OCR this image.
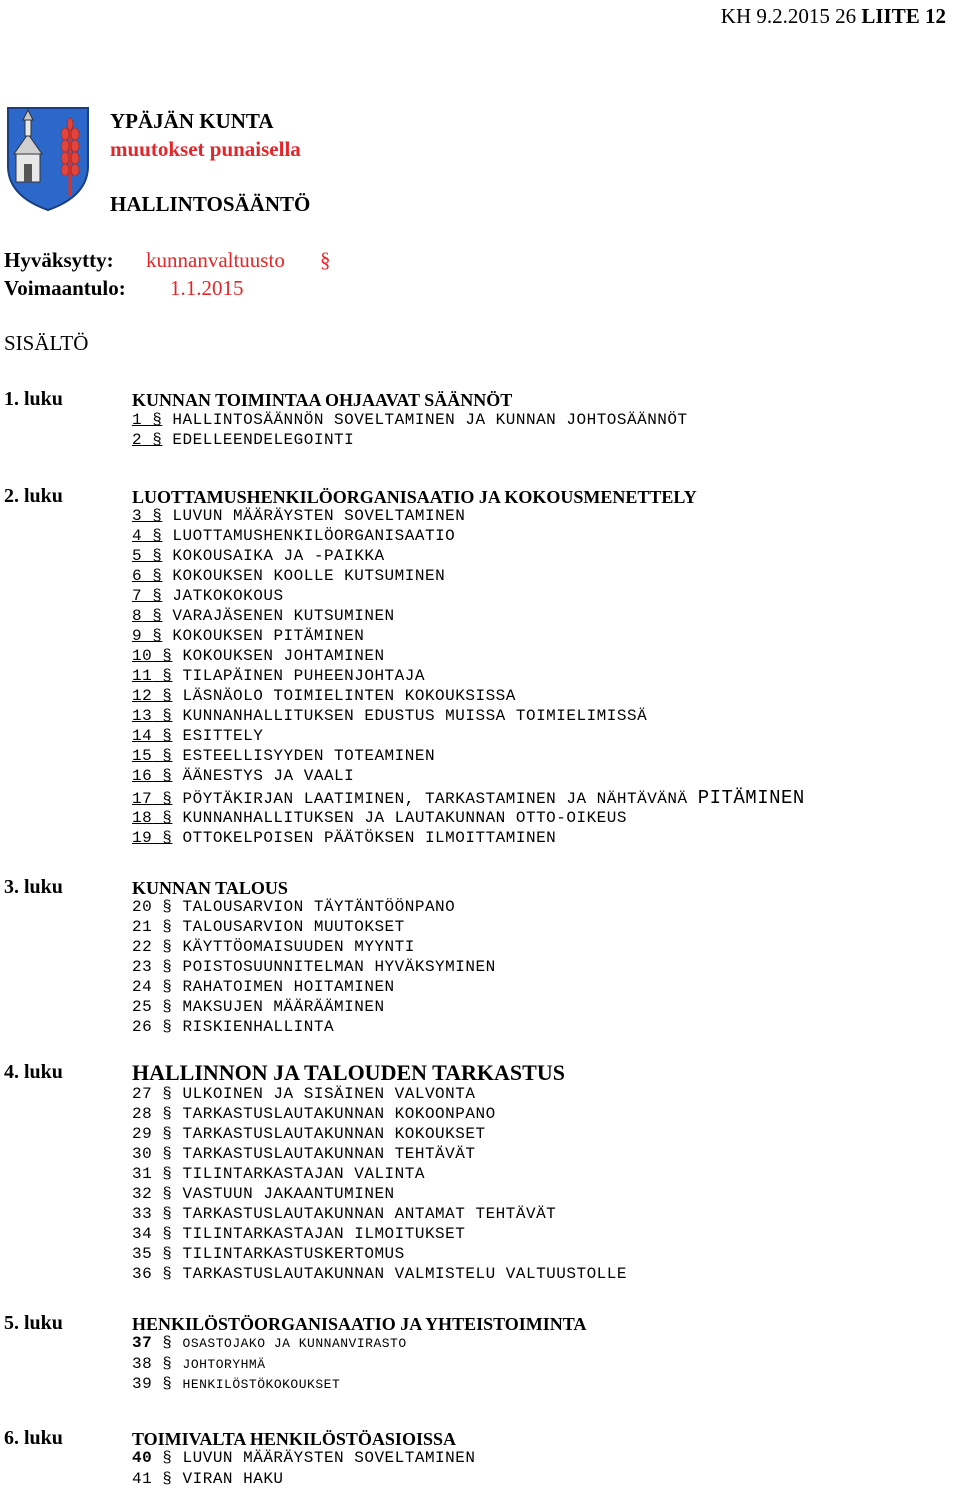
KH 9.2.2015 26 LIITE 12
YPÄJÄN KUNTA
muutokset punaisella
HALLINTOSÄÄNTÖ
Hyväksytty: kunnanvaltuusto §
Voimaantulo: 1.1.2015
SISÄLTÖ
1. luku	KUNNAN TOIMINTAA OHJAAVAT SÄÄNNÖT
1 § HALLINTOSÄÄNNÖN SOVELTAMINEN JA KUNNAN JOHTOSÄÄNNÖT
2 § EDELLEENDELEGOINTI
2. luku	LUOTTAMUSHENKILÖORGANISAATIO JA KOKOUSMENETTELY
3 § LUVUN MÄÄRÄYSTEN SOVELTAMINEN
4 § LUOTTAMUSHENKILÖORGANISAATIO
5 § KOKOUSAIKA JA -PAIKKA
6 § KOKOUKSEN KOOLLE KUTSUMINEN
7 § JATKOKOKOUS
8 § VARAJÄSENEN KUTSUMINEN
9 § KOKOUKSEN PITÄMINEN
10 § KOKOUKSEN JOHTAMINEN
11 § TILAPÄINEN PUHEENJOHTAJA
12 § LÄSNÄOLO TOIMIELINTEN KOKOUKSISSA
13 § KUNNANHALLITUKSEN EDUSTUS MUISSA TOIMIELIMISSÄ
14 § ESITTELY
15 § ESTEELLISYYDEN TOTEAMINEN
16 § ÄÄNESTYS JA VAALI
17 § PÖYTÄKIRJAN LAATIMINEN, TARKASTAMINEN JA NÄHTÄVÄNÄ PITÄMINEN
18 § KUNNANHALLITUKSEN JA LAUTAKUNNAN OTTO-OIKEUS
19 § OTTOKELPOISEN PÄÄTÖKSEN ILMOITTAMINEN
3. luku	KUNNAN TALOUS
20 § TALOUSARVION TÄYTÄNTÖÖNPANO
21 § TALOUSARVION MUUTOKSET
22 § KÄYTTÖOMAISUUDEN MYYNTI
23 § POISTOSUUNNITELMAN HYVÄKSYMINEN
24 § RAHATOIMEN HOITAMINEN
25 § MAKSUJEN MÄÄRÄÄMINEN
26 § RISKIENHALLINTA
4. luku	HALLINNON JA TALOUDEN TARKASTUS
27 § ULKOINEN JA SISÄINEN VALVONTA
28 § TARKASTUSLAUTAKUNNAN KOKOONPANO
29 § TARKASTUSLAUTAKUNNAN KOKOUKSET
30 § TARKASTUSLAUTAKUNNAN TEHTÄVÄT
31 § TILINTARKASTAJAN VALINTA
32 § VASTUUN JAKAANTUMINEN
33 § TARKASTUSLAUTAKUNNAN ANTAMAT TEHTÄVÄT
34 § TILINTARKASTAJAN ILMOITUKSET
35 § TILINTARKASTUSKERTOMUS
36 § TARKASTUSLAUTAKUNNAN VALMISTELU VALTUUSTOLLE
5. luku	HENKILÖSTÖORGANISAATIO JA YHTEISTOIMINTA
37 § OSASTOJAKO JA KUNNANVIRASTO
38 § JOHTORYHMÄ
39 § HENKILÖSTÖKOKOUKSET
6. luku	TOIMIVALTA HENKILÖSTÖASIOISSA
40 § LUVUN MÄÄRÄYSTEN SOVELTAMINEN
41 § VIRAN HAKU
